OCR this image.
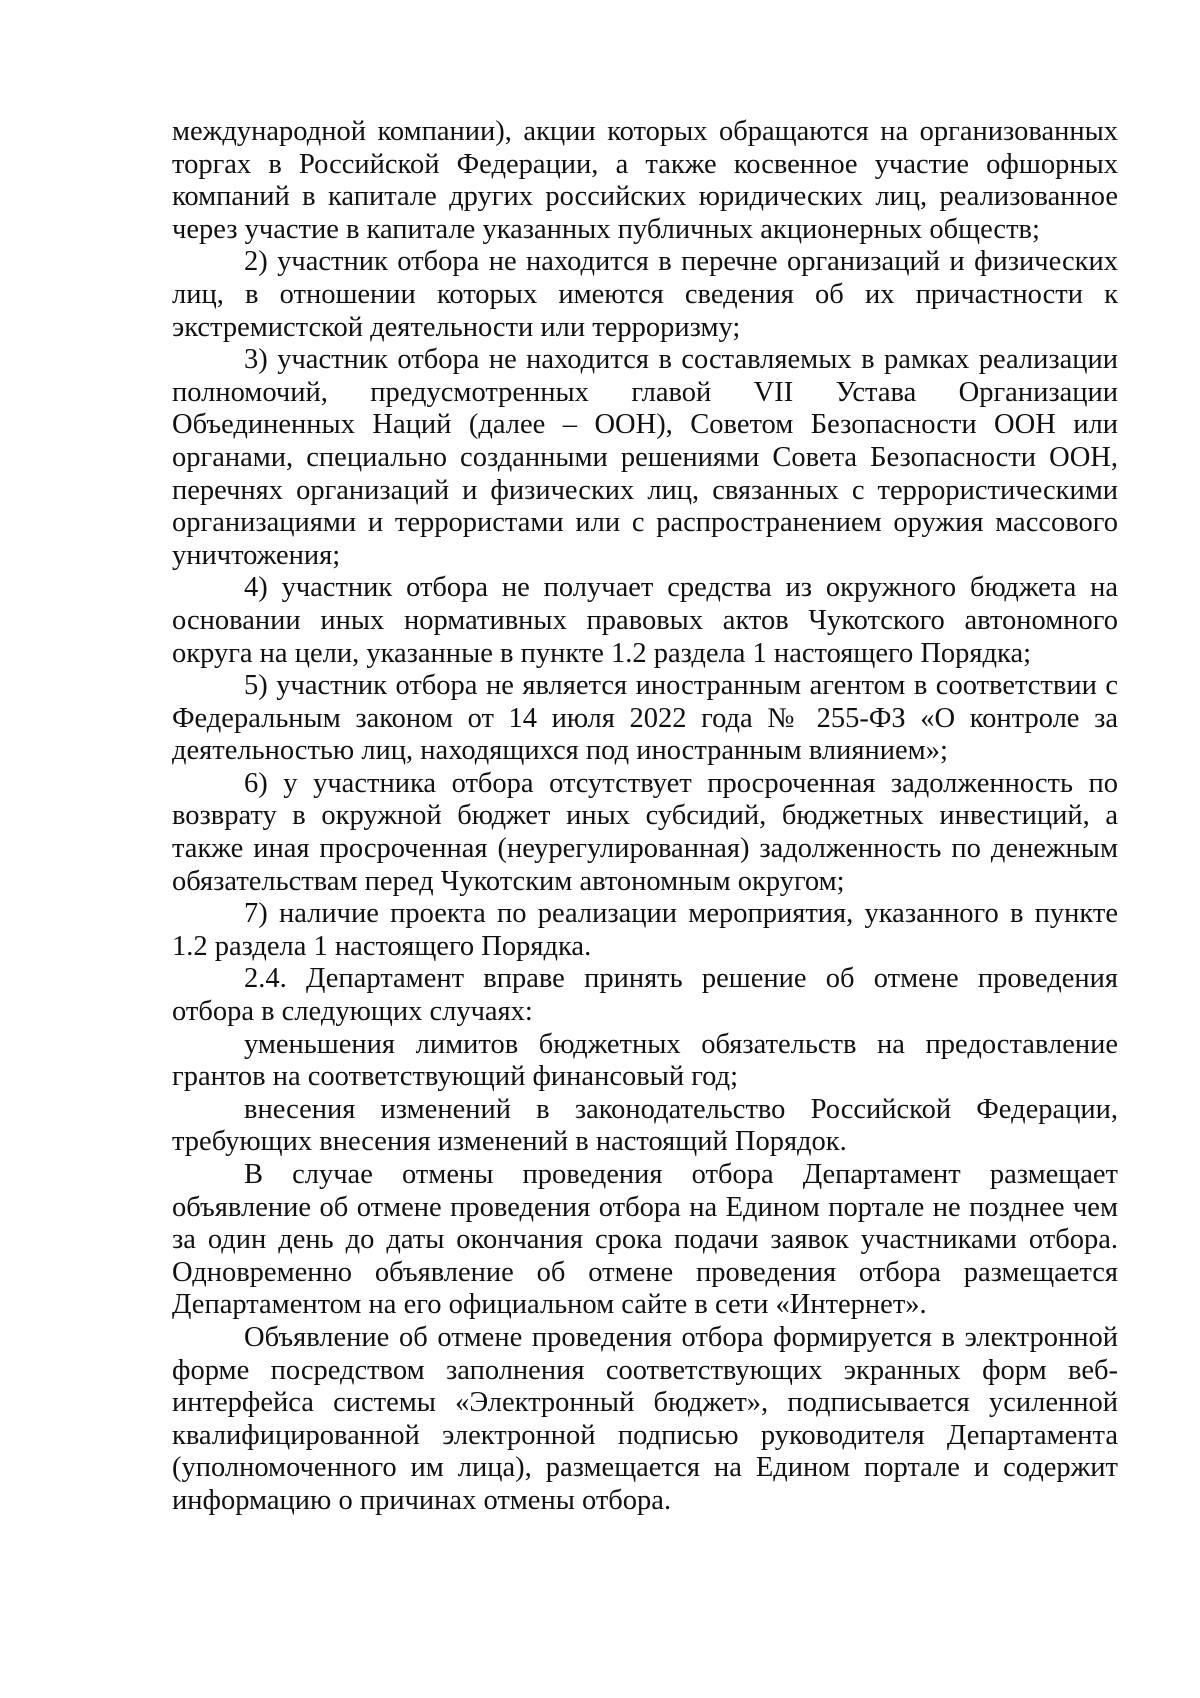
международной компании), акции которых обращаются на организованных торгах в Российской Федерации, а также косвенное участие офшорных компаний в капитале других российских юридических лиц, реализованное через участие в капитале указанных публичных акционерных обществ;

2) участник отбора не находится в перечне организаций и физических лиц, в отношении которых имеются сведения об их причастности к экстремистской деятельности или терроризму;

3) участник отбора не находится в составляемых в рамках реализации полномочий, предусмотренных главой VII Устава Организации Объединенных Наций (далее – ООН), Советом Безопасности ООН или органами, специально созданными решениями Совета Безопасности ООН, перечнях организаций и физических лиц, связанных с террористическими организациями и террористами или с распространением оружия массового уничтожения;

4) участник отбора не получает средства из окружного бюджета на основании иных нормативных правовых актов Чукотского автономного округа на цели, указанные в пункте 1.2 раздела 1 настоящего Порядка;

5) участник отбора не является иностранным агентом в соответствии с Федеральным законом от 14 июля 2022 года № 255-ФЗ «О контроле за деятельностью лиц, находящихся под иностранным влиянием»;

6) у участника отбора отсутствует просроченная задолженность по возврату в окружной бюджет иных субсидий, бюджетных инвестиций, а также иная просроченная (неурегулированная) задолженность по денежным обязательствам перед Чукотским автономным округом;

7) наличие проекта по реализации мероприятия, указанного в пункте 1.2 раздела 1 настоящего Порядка.

2.4. Департамент вправе принять решение об отмене проведения отбора в следующих случаях:

уменьшения лимитов бюджетных обязательств на предоставление грантов на соответствующий финансовый год;

внесения изменений в законодательство Российской Федерации, требующих внесения изменений в настоящий Порядок.

В случае отмены проведения отбора Департамент размещает объявление об отмене проведения отбора на Едином портале не позднее чем за один день до даты окончания срока подачи заявок участниками отбора. Одновременно объявление об отмене проведения отбора размещается Департаментом на его официальном сайте в сети «Интернет».

Объявление об отмене проведения отбора формируется в электронной форме посредством заполнения соответствующих экранных форм веб-интерфейса системы «Электронный бюджет», подписывается усиленной квалифицированной электронной подписью руководителя Департамента (уполномоченного им лица), размещается на Едином портале и содержит информацию о причинах отмены отбора.
